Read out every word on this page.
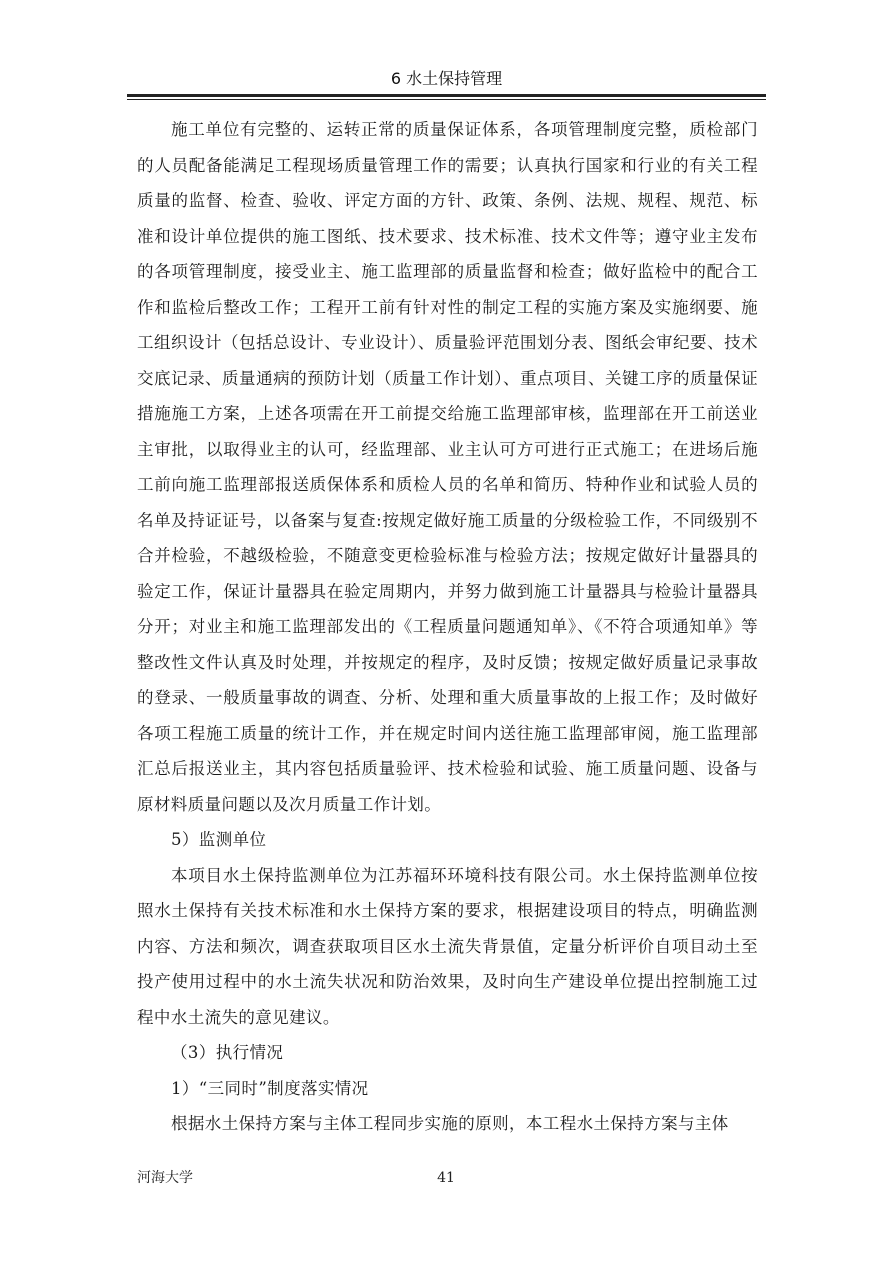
6 水土保持管理

施工单位有完整的、运转正常的质量保证体系，各项管理制度完整，质检部门的人员配备能满足工程现场质量管理工作的需要；认真执行国家和行业的有关工程质量的监督、检查、验收、评定方面的方针、政策、条例、法规、规程、规范、标准和设计单位提供的施工图纸、技术要求、技术标准、技术文件等；遵守业主发布的各项管理制度，接受业主、施工监理部的质量监督和检查；做好监检中的配合工作和监检后整改工作；工程开工前有针对性的制定工程的实施方案及实施纲要、施工组织设计（包括总设计、专业设计）、质量验评范围划分表、图纸会审纪要、技术交底记录、质量通病的预防计划（质量工作计划）、重点项目、关键工序的质量保证措施施工方案，上述各项需在开工前提交给施工监理部审核，监理部在开工前送业主审批，以取得业主的认可，经监理部、业主认可方可进行正式施工；在进场后施工前向施工监理部报送质保体系和质检人员的名单和简历、特种作业和试验人员的名单及持证证号，以备案与复查:按规定做好施工质量的分级检验工作，不同级别不合并检验，不越级检验，不随意变更检验标准与检验方法；按规定做好计量器具的验定工作，保证计量器具在验定周期内，并努力做到施工计量器具与检验计量器具分开；对业主和施工监理部发出的《工程质量问题通知单》、《不符合项通知单》等整改性文件认真及时处理，并按规定的程序，及时反馈；按规定做好质量记录事故的登录、一般质量事故的调查、分析、处理和重大质量事故的上报工作；及时做好各项工程施工质量的统计工作，并在规定时间内送往施工监理部审阅，施工监理部汇总后报送业主，其内容包括质量验评、技术检验和试验、施工质量问题、设备与原材料质量问题以及次月质量工作计划。

5）监测单位

本项目水土保持监测单位为江苏福环环境科技有限公司。水土保持监测单位按照水土保持有关技术标准和水土保持方案的要求，根据建设项目的特点，明确监测内容、方法和频次，调查获取项目区水土流失背景值，定量分析评价自项目动土至投产使用过程中的水土流失状况和防治效果，及时向生产建设单位提出控制施工过程中水土流失的意见建议。

（3）执行情况

1）“三同时”制度落实情况

根据水土保持方案与主体工程同步实施的原则，本工程水土保持方案与主体

河海大学	41
